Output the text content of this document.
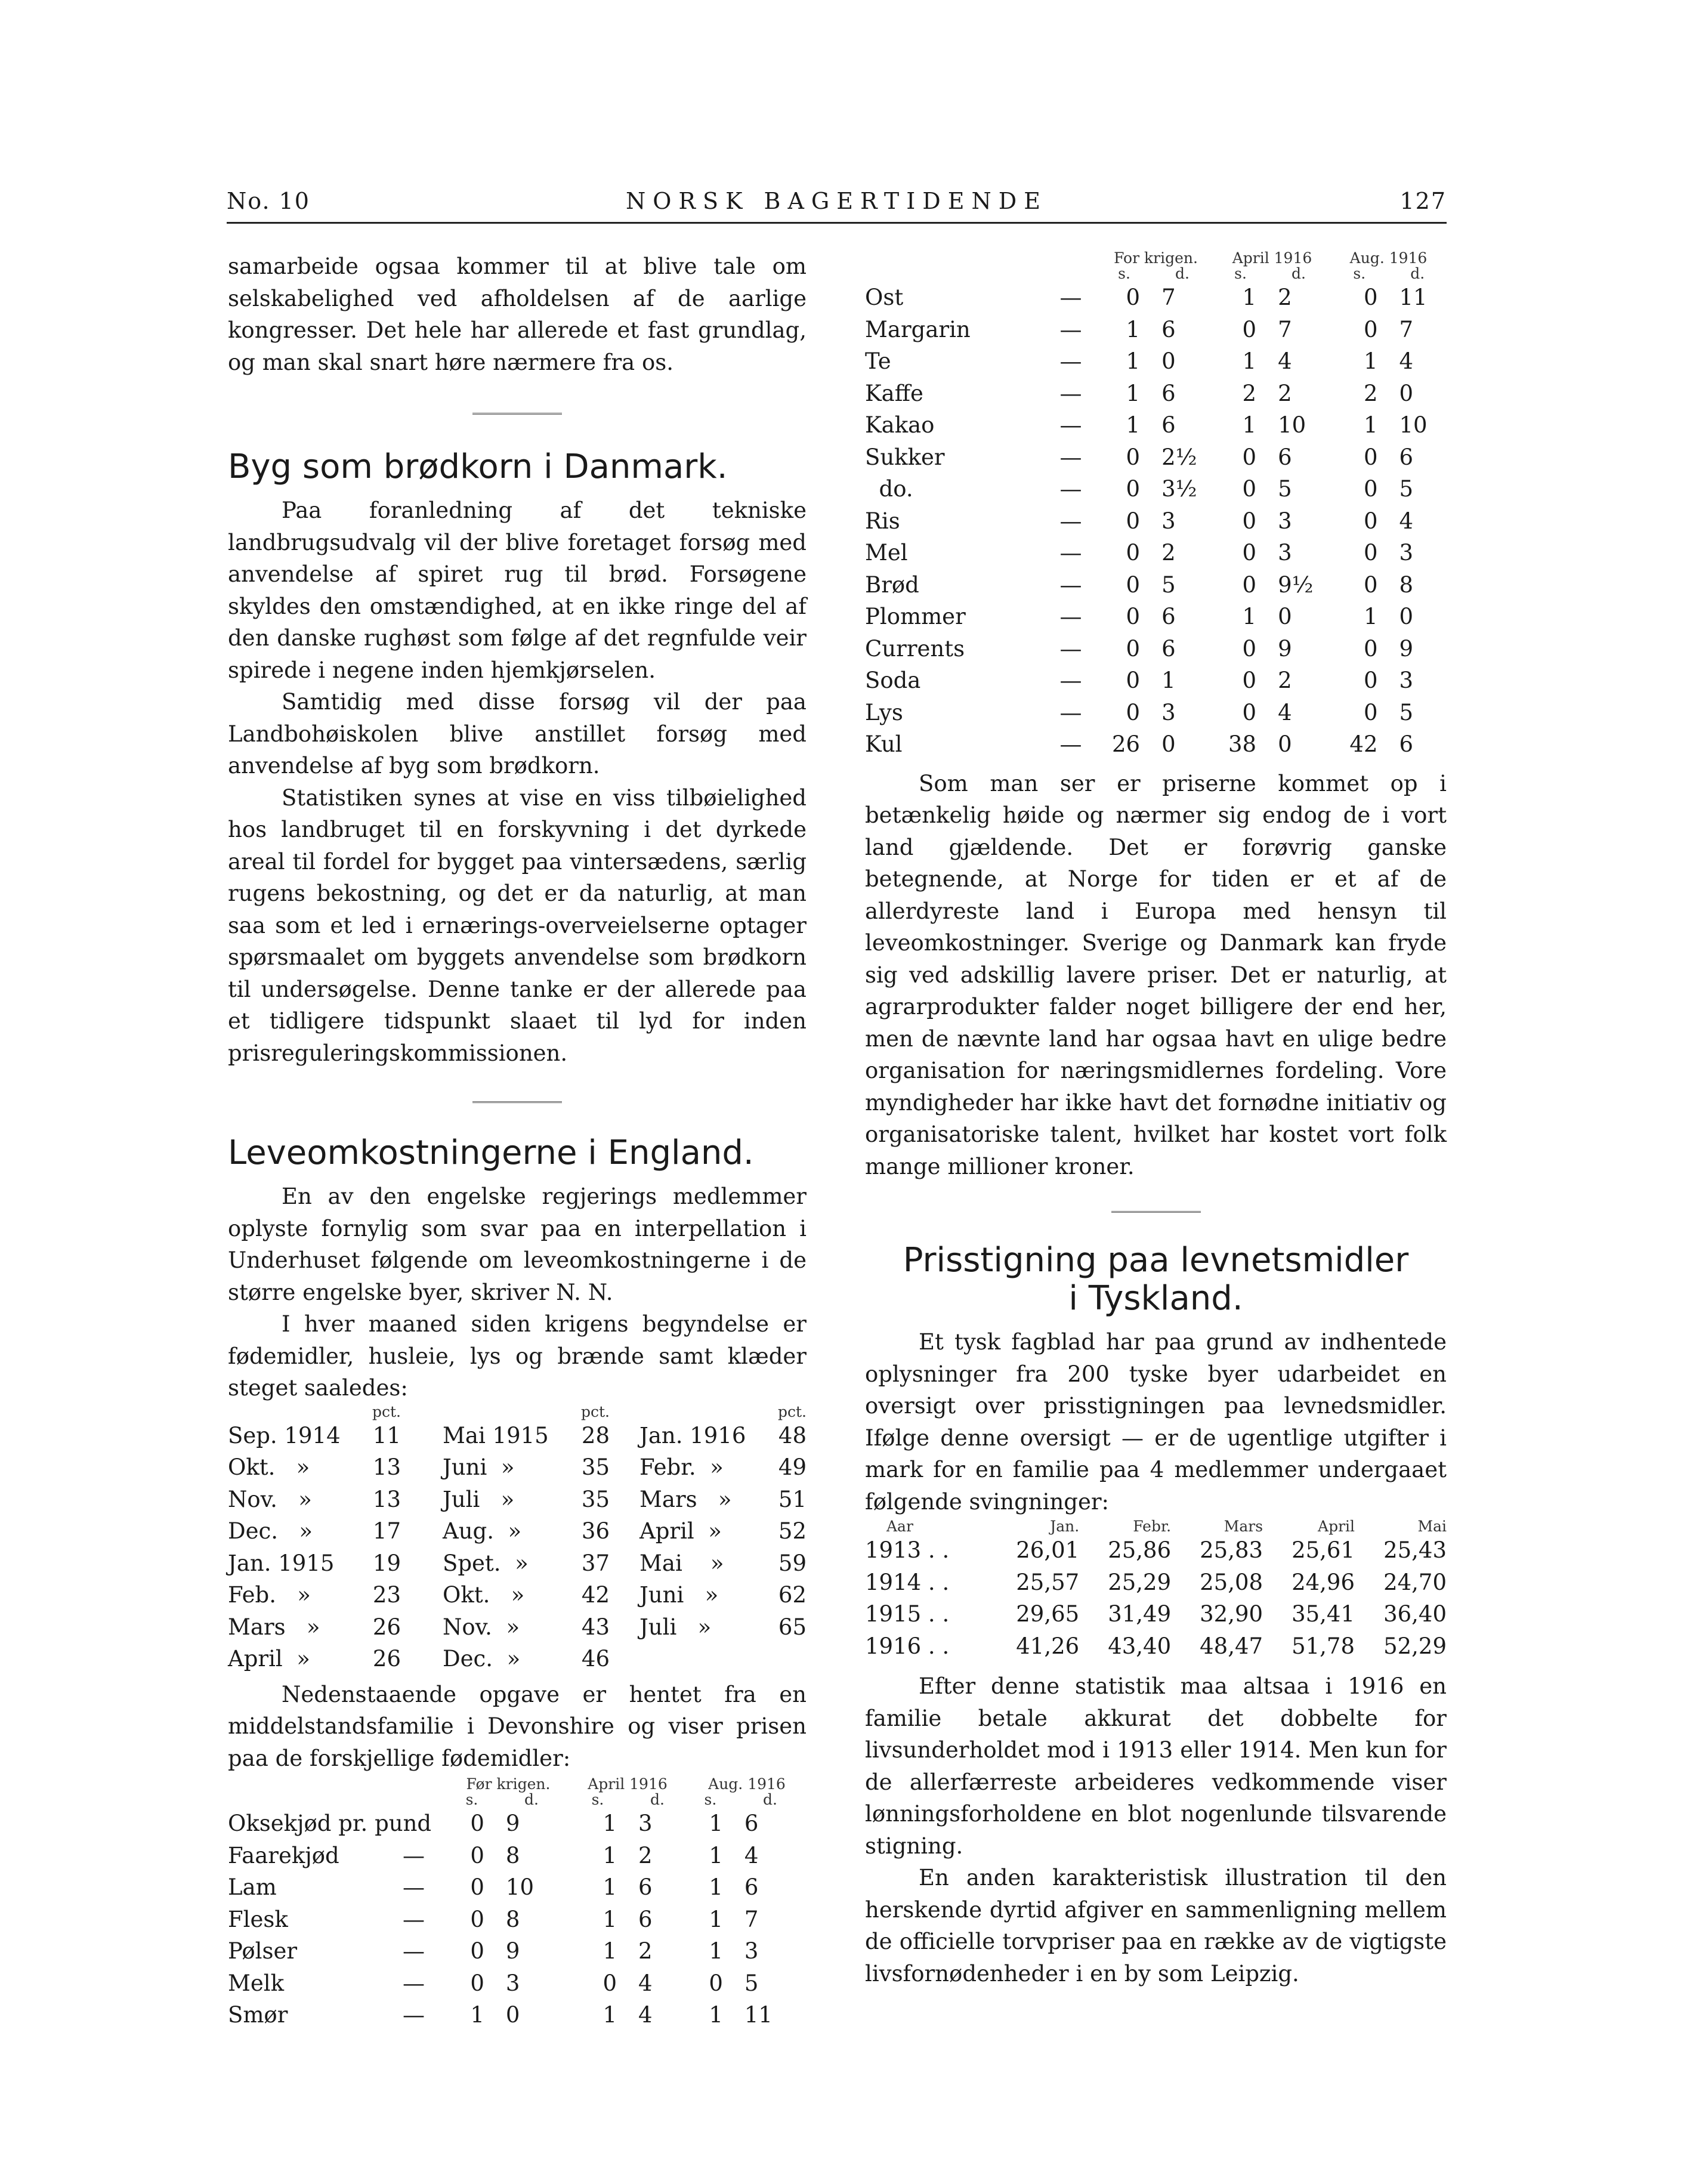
No. 10	NORSK BAGERTIDENDE	127

samarbeide ogsaa kommer til at blive tale om selskabelighed ved afholdelsen af de aarlige kongresser. Det hele har allerede et fast grundlag, og man skal snart høre nærmere fra os.

Byg som brødkorn i Danmark.

Paa foranledning af det tekniske landbrugsudvalg vil der blive foretaget forsøg med anvendelse af spiret rug til brød. Forsøgene skyldes den omstændighed, at en ikke ringe del af den danske rughøst som følge af det regnfulde veir spirede i negene inden hjemkjørselen.

Samtidig med disse forsøg vil der paa Landbohøiskolen blive anstillet forsøg med anvendelse af byg som brødkorn.

Statistiken synes at vise en viss tilbøielighed hos landbruget til en forskyvning i det dyrkede areal til fordel for bygget paa vintersædens, særlig rugens bekostning, og det er da naturlig, at man saa som et led i ernærings-overveielserne optager spørsmaalet om byggets anvendelse som brødkorn til undersøgelse. Denne tanke er der allerede paa et tidligere tidspunkt slaaet til lyd for inden prisreguleringskommissionen.

Leveomkostningerne i England.

En av den engelske regjerings medlemmer oplyste fornylig som svar paa en interpellation i Underhuset følgende om leveomkostningerne i de større engelske byer, skriver N. N.

I hver maaned siden krigens begyndelse er fødemidler, husleie, lys og brænde samt klæder steget saaledes:

	pct.		pct.		pct.
Sep. 1914	11	Mai 1915	28	Jan. 1916	48
Okt.   »	13	Juni  »	35	Febr.  »	49
Nov.   »	13	Juli   »	35	Mars   »	51
Dec.   »	17	Aug.  »	36	April  »	52
Jan. 1915	19	Spet.  »	37	Mai    »	59
Feb.   »	23	Okt.   »	42	Juni   »	62
Mars   »	26	Nov.  »	43	Juli   »	65
April  »	26	Dec.  »	46		

Nedenstaaende opgave er hentet fra en middelstandsfamilie i Devonshire og viser prisen paa de forskjellige fødemidler:

	Før krigen.		April 1916		Aug. 1916	
	s.	d.	s.	d.	s.	d.
Oksekjød pr. pund	0	9	1	3	1	6
Faarekjød —	0	8	1	2	1	4
Lam —	0	10	1	6	1	6
Flesk —	0	8	1	6	1	7
Pølser —	0	9	1	2	1	3
Melk —	0	3	0	4	0	5
Smør —	1	0	1	4	1	11
		For krigen.		April 1916		Aug. 1916	
		s.	d.	s.	d.	s.	d.
Ost	—	0	7	1	2	0	11
Margarin	—	1	6	0	7	0	7
Te	—	1	0	1	4	1	4
Kaffe	—	1	6	2	2	2	0
Kakao	—	1	6	1	10	1	10
Sukker	—	0	2½	0	6	0	6
do.	—	0	3½	0	5	0	5
Ris	—	0	3	0	3	0	4
Mel	—	0	2	0	3	0	3
Brød	—	0	5	0	9½	0	8
Plommer	—	0	6	1	0	1	0
Currents	—	0	6	0	9	0	9
Soda	—	0	1	0	2	0	3
Lys	—	0	3	0	4	0	5
Kul	—	26	0	38	0	42	6

Som man ser er priserne kommet op i betænkelig høide og nærmer sig endog de i vort land gjældende. Det er forøvrig ganske betegnende, at Norge for tiden er et af de allerdyreste land i Europa med hensyn til leveomkostninger. Sverige og Danmark kan fryde sig ved adskillig lavere priser. Det er naturlig, at agrarprodukter falder noget billigere der end her, men de nævnte land har ogsaa havt en ulige bedre organisation for næringsmidlernes fordeling. Vore myndigheder har ikke havt det fornødne initiativ og organisatoriske talent, hvilket har kostet vort folk mange millioner kroner.

Prisstigning paa levnetsmidler
i Tyskland.

Et tysk fagblad har paa grund av indhentede oplysninger fra 200 tyske byer udarbeidet en oversigt over prisstigningen paa levnedsmidler. Ifølge denne oversigt — er de ugentlige utgifter i mark for en familie paa 4 medlemmer undergaaet følgende svingninger:

Aar	Jan.	Febr.	Mars	April	Mai
1913 . .	26,01	25,86	25,83	25,61	25,43
1914 . .	25,57	25,29	25,08	24,96	24,70
1915 . .	29,65	31,49	32,90	35,41	36,40
1916 . .	41,26	43,40	48,47	51,78	52,29

Efter denne statistik maa altsaa i 1916 en familie betale akkurat det dobbelte for livsunderholdet mod i 1913 eller 1914. Men kun for de allerfærreste arbeideres vedkommende viser lønningsforholdene en blot nogenlunde tilsvarende stigning.

En anden karakteristisk illustration til den herskende dyrtid afgiver en sammenligning mellem de officielle torvpriser paa en række av de vigtigste livsfornødenheder i en by som Leipzig.
